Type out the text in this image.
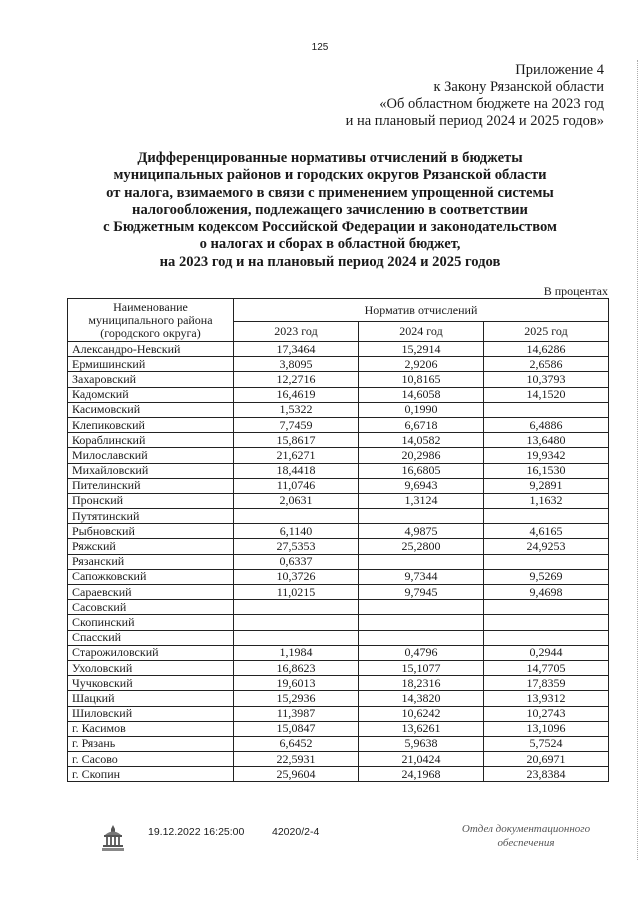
125
Приложение 4
к Закону Рязанской области
«Об областном бюджете на 2023 год
и на плановый период 2024 и 2025 годов»
Дифференцированные нормативы отчислений в бюджеты
муниципальных районов и городских округов Рязанской области
от налога, взимаемого в связи с применением упрощенной системы
налогообложения, подлежащего зачислению в соответствии
с Бюджетным кодексом Российской Федерации и законодательством
о налогах и сборах в областной бюджет,
на 2023 год и на плановый период 2024 и 2025 годов
В процентах
Наименование
муниципального района
(городского округа)	Норматив отчислений		
	2023 год	2024 год	2025 год
Александро-Невский	17,3464	15,2914	14,6286
Ермишинский	3,8095	2,9206	2,6586
Захаровский	12,2716	10,8165	10,3793
Кадомский	16,4619	14,6058	14,1520
Касимовский	1,5322	0,1990	
Клепиковский	7,7459	6,6718	6,4886
Кораблинский	15,8617	14,0582	13,6480
Милославский	21,6271	20,2986	19,9342
Михайловский	18,4418	16,6805	16,1530
Пителинский	11,0746	9,6943	9,2891
Пронский	2,0631	1,3124	1,1632
Путятинский			
Рыбновский	6,1140	4,9875	4,6165
Ряжский	27,5353	25,2800	24,9253
Рязанский	0,6337		
Сапожковский	10,3726	9,7344	9,5269
Сараевский	11,0215	9,7945	9,4698
Сасовский			
Скопинский			
Спасский			
Старожиловский	1,1984	0,4796	0,2944
Ухоловский	16,8623	15,1077	14,7705
Чучковский	19,6013	18,2316	17,8359
Шацкий	15,2936	14,3820	13,9312
Шиловский	11,3987	10,6242	10,2743
г. Касимов	15,0847	13,6261	13,1096
г. Рязань	6,6452	5,9638	5,7524
г. Сасово	22,5931	21,0424	20,6971
г. Скопин	25,9604	24,1968	23,8384
19.12.2022 16:25:00	42020/2-4	Отдел документационного
обеспечения
